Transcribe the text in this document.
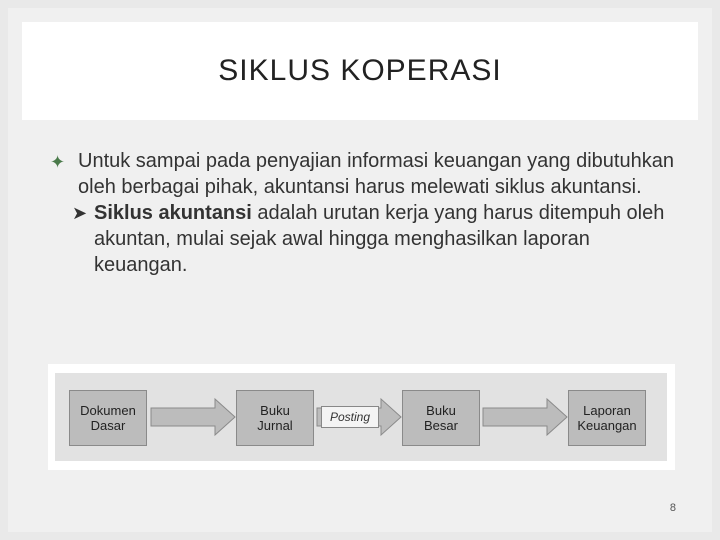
SIKLUS KOPERASI
✦ Untuk sampai pada penyajian informasi keuangan yang dibutuhkan oleh berbagai pihak, akuntansi harus melewati siklus akuntansi.
➤ Siklus akuntansi adalah urutan kerja yang harus ditempuh oleh akuntan, mulai sejak awal hingga menghasilkan laporan keuangan.
Dokumen
Dasar
Buku
Jurnal
Posting	Buku
Besar
Laporan
Keuangan
8
